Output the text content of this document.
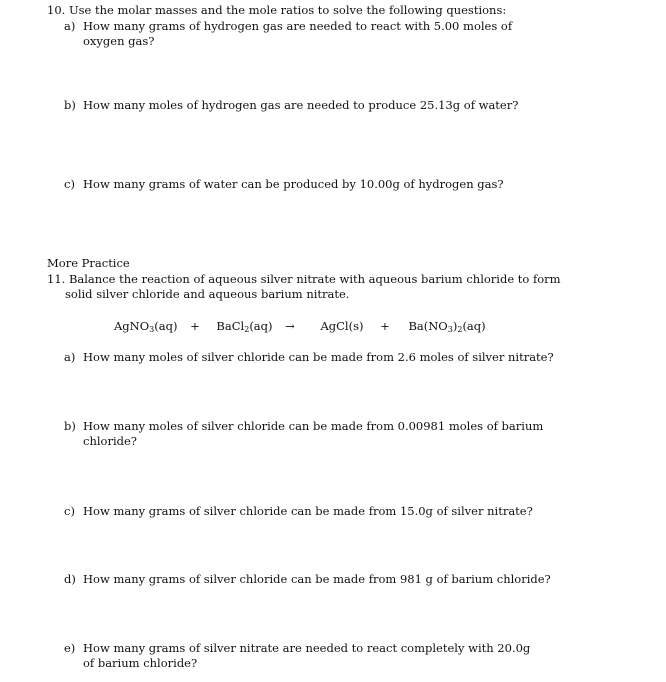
10. Use the molar masses and the mole ratios to solve the following questions:

a) How many grams of hydrogen gas are needed to react with 5.00 moles of oxygen gas?
b) How many moles of hydrogen gas are needed to produce 25.13g of water?
c) How many grams of water can be produced by 10.00g of hydrogen gas?

More Practice

11. Balance the reaction of aqueous silver nitrate with aqueous barium chloride to form solid silver chloride and aqueous barium nitrate.

AgNO$_3$(aq) + BaCl$_2$(aq) → AgCl(s) + $Ba(NO_3)_2(aq)$
a) How many moles of silver chloride can be made from 2.6 moles of silver nitrate?
b) How many moles of silver chloride can be made from 0.00981 moles of barium chloride?
c) How many grams of silver chloride can be made from 15.0g of silver nitrate?
d) How many grams of silver chloride can be made from 981 g of barium chloride?
e) How many grams of silver nitrate are needed to react completely with 20.0g of barium chloride?
